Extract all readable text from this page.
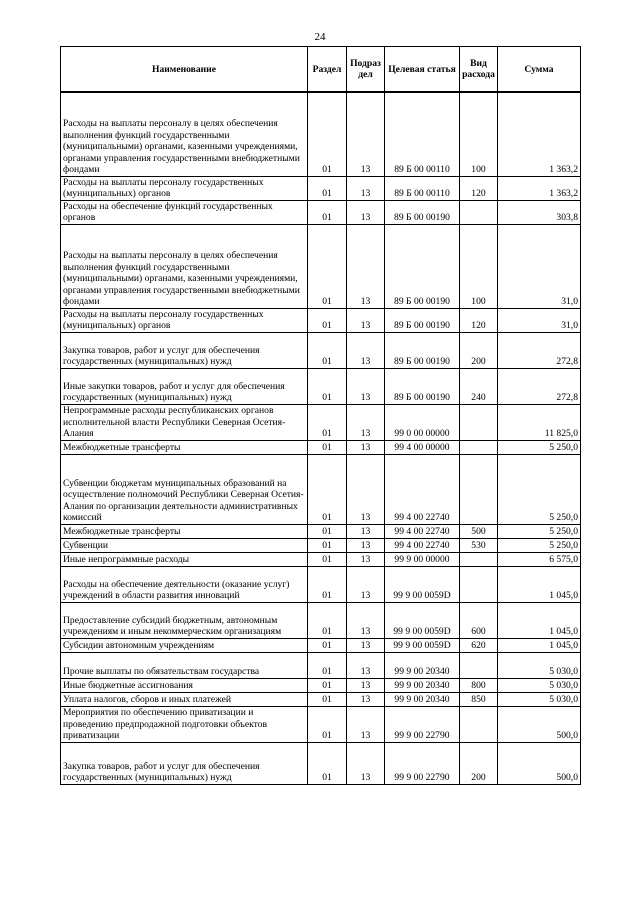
24
Наименование	Раздел	Подраз дел	Целевая статья	Вид расхода	Сумма
Расходы на выплаты персоналу в целях обеспечения выполнения функций государственными (муниципальными) органами, казенными учреждениями, органами управления государственными внебюджетными фондами	01	13	89 Б 00 00110	100	1 363,2
Расходы на выплаты персоналу государственных (муниципальных) органов	01	13	89 Б 00 00110	120	1 363,2
Расходы на обеспечение функций государственных органов	01	13	89 Б 00 00190		303,8
Расходы на выплаты персоналу в целях обеспечения выполнения функций государственными (муниципальными) органами, казенными учреждениями, органами управления государственными внебюджетными фондами	01	13	89 Б 00 00190	100	31,0
Расходы на выплаты персоналу государственных (муниципальных) органов	01	13	89 Б 00 00190	120	31,0
Закупка товаров, работ и услуг для обеспечения государственных (муниципальных) нужд	01	13	89 Б 00 00190	200	272,8
Иные закупки товаров, работ и услуг для обеспечения государственных (муниципальных) нужд	01	13	89 Б 00 00190	240	272,8
Непрограммные расходы республиканских органов исполнительной власти Республики Северная Осетия-Алания	01	13	99 0 00 00000		11 825,0
Межбюджетные трансферты	01	13	99 4 00 00000		5 250,0
Субвенции бюджетам муниципальных образований на осуществление полномочий Республики Северная Осетия-Алания по организации деятельности административных комиссий	01	13	99 4 00 22740		5 250,0
Межбюджетные трансферты	01	13	99 4 00 22740	500	5 250,0
Субвенции	01	13	99 4 00 22740	530	5 250,0
Иные непрограммные расходы	01	13	99 9 00 00000		6 575,0
Расходы на обеспечение деятельности (оказание услуг) учреждений в области развития инноваций	01	13	99 9 00 0059D		1 045,0
Предоставление субсидий бюджетным, автономным учреждениям и иным некоммерческим организациям	01	13	99 9 00 0059D	600	1 045,0
Субсидии автономным учреждениям	01	13	99 9 00 0059D	620	1 045,0
Прочие выплаты по обязательствам государства	01	13	99 9 00 20340		5 030,0
Иные бюджетные ассигнования	01	13	99 9 00 20340	800	5 030,0
Уплата налогов, сборов и иных платежей	01	13	99 9 00 20340	850	5 030,0
Мероприятия по обеспечению приватизации и проведению предпродажной подготовки объектов приватизации	01	13	99 9 00 22790		500,0
Закупка товаров, работ и услуг для обеспечения государственных (муниципальных) нужд	01	13	99 9 00 22790	200	500,0
